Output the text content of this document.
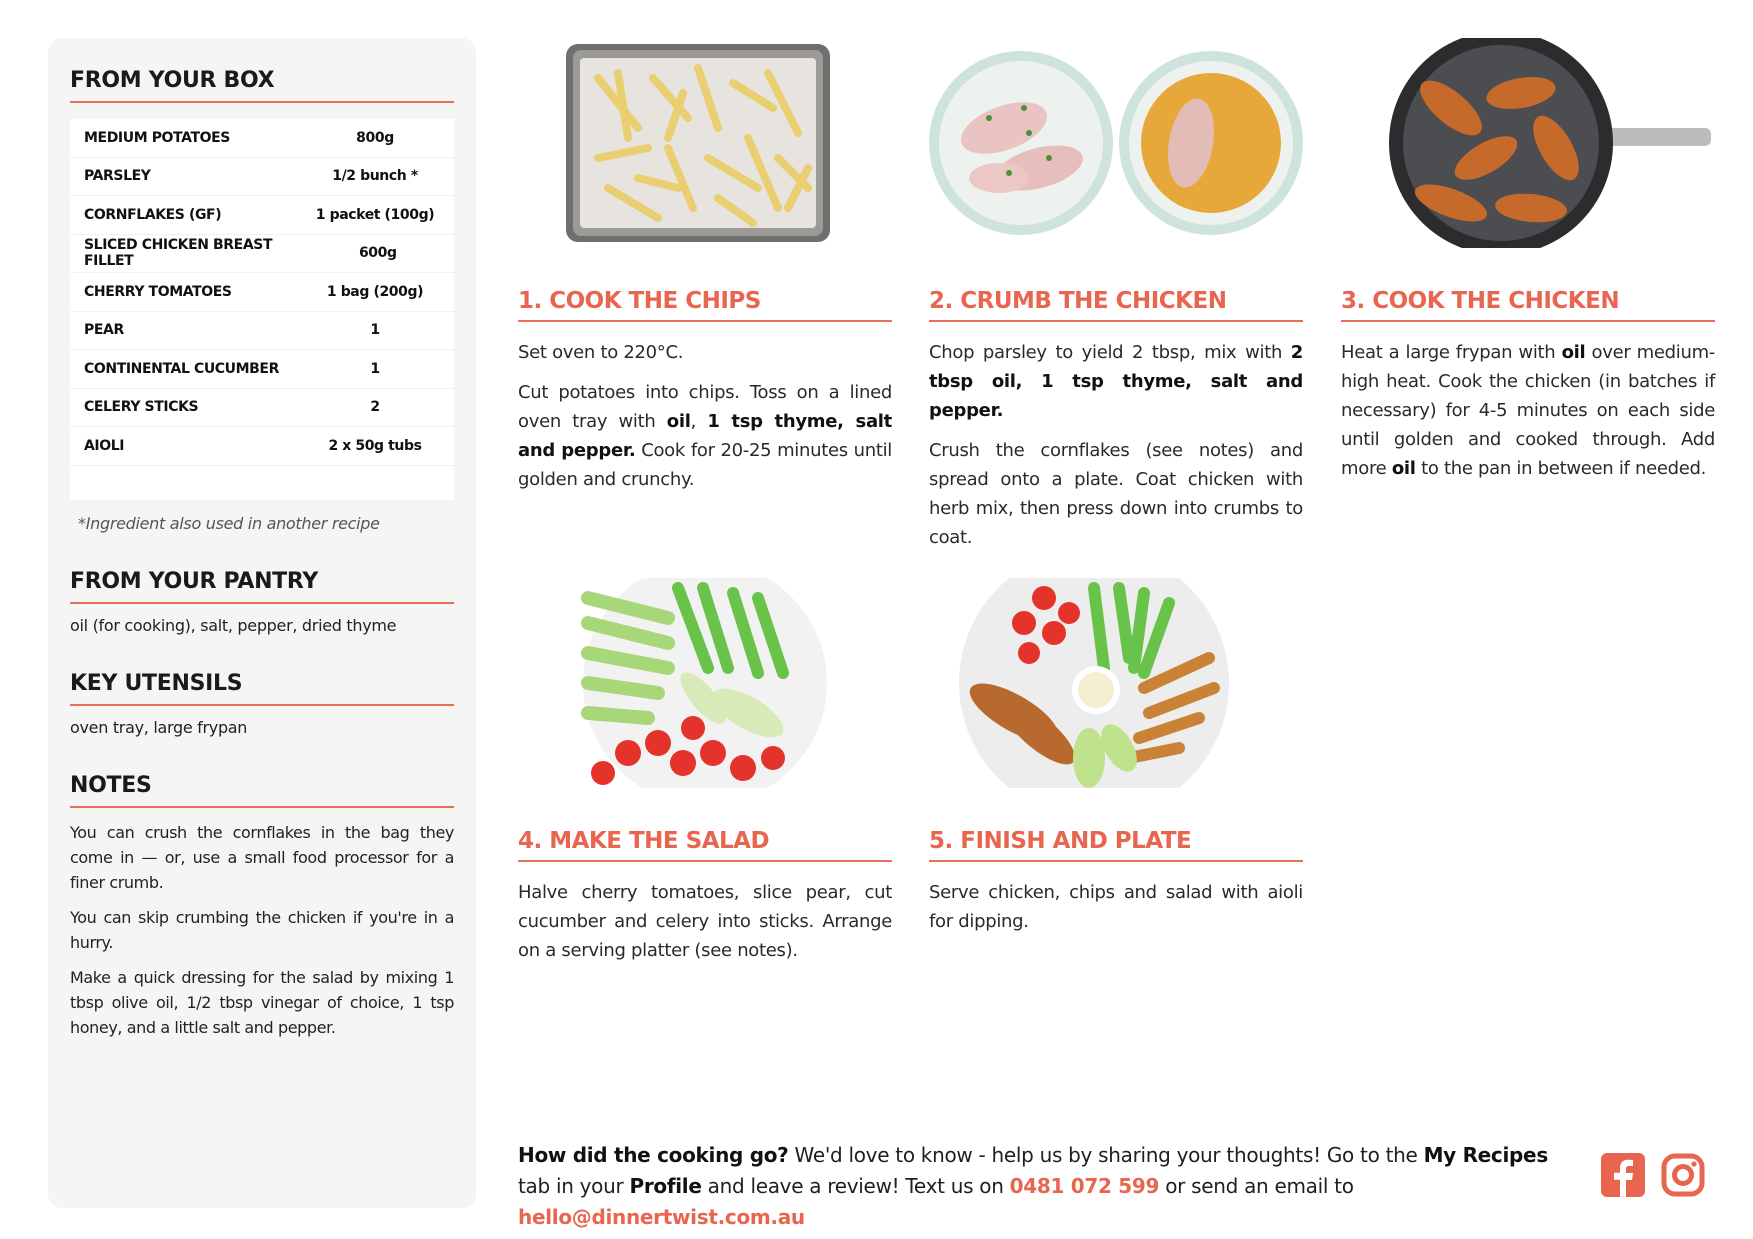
FROM YOUR BOX
MEDIUM POTATOES	800g
PARSLEY	1/2 bunch *
CORNFLAKES (GF)	1 packet (100g)
SLICED CHICKEN BREAST FILLET	600g
CHERRY TOMATOES	1 bag (200g)
PEAR	1
CONTINENTAL CUCUMBER	1
CELERY STICKS	2
AIOLI	2 x 50g tubs
*Ingredient also used in another recipe
FROM YOUR PANTRY
oil (for cooking), salt, pepper, dried thyme
KEY UTENSILS
oven tray, large frypan
NOTES

You can crush the cornflakes in the bag they come in — or, use a small food processor for a finer crumb.

You can skip crumbing the chicken if you're in a hurry.

Make a quick dressing for the salad by mixing 1 tbsp olive oil, 1/2 tbsp vinegar of choice, 1 tsp honey, and a little salt and pepper.

1. COOK THE CHIPS

Set oven to 220°C.

Cut potatoes into chips. Toss on a lined oven tray with oil, 1 tsp thyme, salt and pepper. Cook for 20-25 minutes until golden and crunchy.

2. CRUMB THE CHICKEN

Chop parsley to yield 2 tbsp, mix with 2 tbsp oil, 1 tsp thyme, salt and pepper.

Crush the cornflakes (see notes) and spread onto a plate. Coat chicken with herb mix, then press down into crumbs to coat.

3. COOK THE CHICKEN

Heat a large frypan with oil over medium-high heat. Cook the chicken (in batches if necessary) for 4-5 minutes on each side until golden and cooked through. Add more oil to the pan in between if needed.

4. MAKE THE SALAD

Halve cherry tomatoes, slice pear, cut cucumber and celery into sticks. Arrange on a serving platter (see notes).

5. FINISH AND PLATE

Serve chicken, chips and salad with aioli for dipping.

How did the cooking go? We'd love to know - help us by sharing your thoughts! Go to the My Recipes tab in your Profile and leave a review! Text us on 0481 072 599 or send an email to hello@dinnertwist.com.au
